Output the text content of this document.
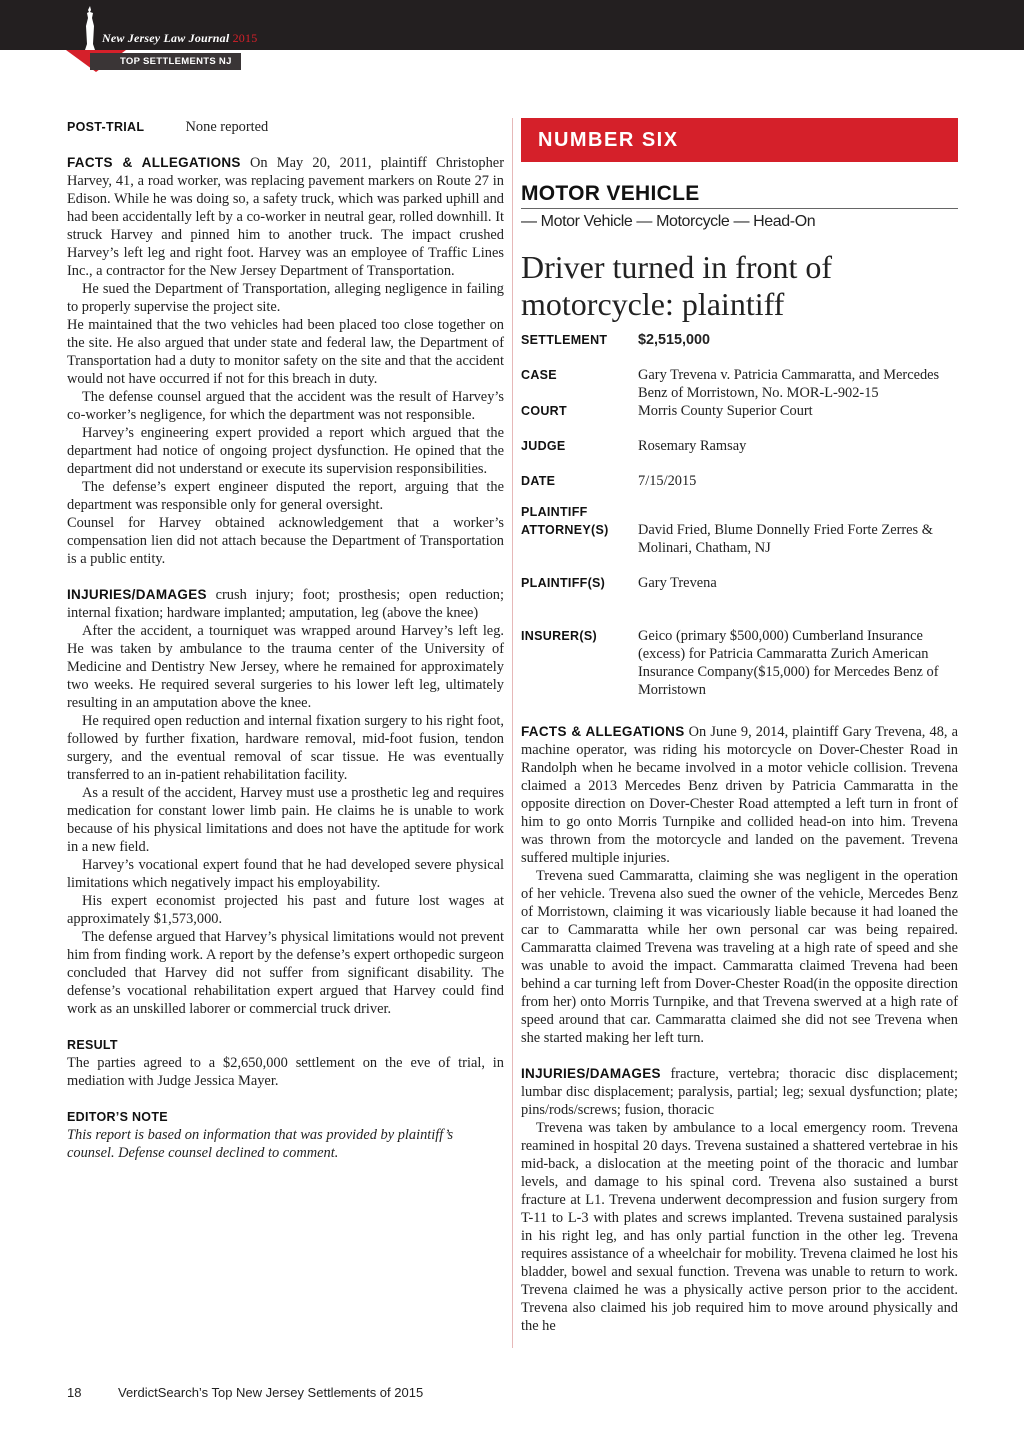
New Jersey Law Journal 2015
TOP SETTLEMENTS NJ
POST-TRIAL	None reported
FACTS & ALLEGATIONS On May 20, 2011, plaintiff Christopher Harvey, 41, a road worker, was replacing pavement markers on Route 27 in Edison. While he was doing so, a safety truck, which was parked uphill and had been accidentally left by a co-worker in neutral gear, rolled downhill. It struck Harvey and pinned him to another truck. The impact crushed Harvey’s left leg and right foot. Harvey was an employee of Traffic Lines Inc., a contractor for the New Jersey Department of Transportation.
He sued the Department of Transportation, alleging negligence in failing to properly supervise the project site.
He maintained that the two vehicles had been placed too close together on the site. He also argued that under state and federal law, the Department of Transportation had a duty to monitor safety on the site and that the accident would not have occurred if not for this breach in duty.
The defense counsel argued that the accident was the result of Harvey’s co-worker’s negligence, for which the department was not responsible.
Harvey’s engineering expert provided a report which argued that the department had notice of ongoing project dysfunction. He opined that the department did not understand or execute its supervision responsibilities.
The defense’s expert engineer disputed the report, arguing that the department was responsible only for general oversight.
Counsel for Harvey obtained acknowledgement that a worker’s compensation lien did not attach because the Department of Transportation is a public entity.
INJURIES/DAMAGES crush injury; foot; prosthesis; open reduction; internal fixation; hardware implanted; amputation, leg (above the knee)
After the accident, a tourniquet was wrapped around Harvey’s left leg. He was taken by ambulance to the trauma center of the University of Medicine and Dentistry New Jersey, where he remained for approximately two weeks. He required several surgeries to his lower left leg, ultimately resulting in an amputation above the knee.
He required open reduction and internal fixation surgery to his right foot, followed by further fixation, hardware removal, mid-foot fusion, tendon surgery, and the eventual removal of scar tissue. He was eventually transferred to an in-patient rehabilitation facility.
As a result of the accident, Harvey must use a prosthetic leg and requires medication for constant lower limb pain. He claims he is unable to work because of his physical limitations and does not have the aptitude for work in a new field.
Harvey’s vocational expert found that he had developed severe physical limitations which negatively impact his employability.
His expert economist projected his past and future lost wages at approximately $1,573,000.
The defense argued that Harvey’s physical limitations would not prevent him from finding work. A report by the defense’s expert orthopedic surgeon concluded that Harvey did not suffer from significant disability. The defense’s vocational rehabilitation expert argued that Harvey could find work as an unskilled laborer or commercial truck driver.
RESULT
The parties agreed to a $2,650,000 settlement on the eve of trial, in mediation with Judge Jessica Mayer.
EDITOR’S NOTE
This report is based on information that was provided by plaintiff’s counsel. Defense counsel declined to comment.
NUMBER SIX
MOTOR VEHICLE
— Motor Vehicle — Motorcycle — Head-On
Driver turned in front of motorcycle: plaintiff
SETTLEMENT	$2,515,000

CASE	Gary Trevena v. Patricia Cammaratta, and Mercedes Benz of Morristown, No. MOR-L-902-15

COURT	Morris County Superior Court

JUDGE	Rosemary Ramsay

DATE	7/15/2015

PLAINTIFF ATTORNEY(S)	David Fried, Blume Donnelly Fried Forte Zerres & Molinari, Chatham, NJ

PLAINTIFF(S)	Gary Trevena

INSURER(S)	Geico (primary $500,000) Cumberland Insurance (excess) for Patricia Cammaratta Zurich American Insurance Company($15,000) for Mercedes Benz of Morristown
FACTS & ALLEGATIONS On June 9, 2014, plaintiff Gary Trevena, 48, a machine operator, was riding his motorcycle on Dover-Chester Road in Randolph when he became involved in a motor vehicle collision. Trevena claimed a 2013 Mercedes Benz driven by Patricia Cammaratta in the opposite direction on Dover-Chester Road attempted a left turn in front of him to go onto Morris Turnpike and collided head-on into him. Trevena was thrown from the motorcycle and landed on the pavement. Trevena suffered multiple injuries.
Trevena sued Cammaratta, claiming she was negligent in the operation of her vehicle. Trevena also sued the owner of the vehicle, Mercedes Benz of Morristown, claiming it was vicariously liable because it had loaned the car to Cammaratta while her own personal car was being repaired. Cammaratta claimed Trevena was traveling at a high rate of speed and she was unable to avoid the impact. Cammaratta claimed Trevena had been behind a car turning left from Dover-Chester Road(in the opposite direction from her) onto Morris Turnpike, and that Trevena swerved at a high rate of speed around that car. Cammaratta claimed she did not see Trevena when she started making her left turn.
INJURIES/DAMAGES fracture, vertebra; thoracic disc displacement; lumbar disc displacement; paralysis, partial; leg; sexual dysfunction; plate; pins/rods/screws; fusion, thoracic
Trevena was taken by ambulance to a local emergency room. Trevena reamined in hospital 20 days. Trevena sustained a shattered vertebrae in his mid-back, a dislocation at the meeting point of the thoracic and lumbar levels, and damage to his spinal cord. Trevena also sustained a burst fracture at L1. Trevena underwent decompression and fusion surgery from T-11 to L-3 with plates and screws implanted. Trevena sustained paralysis in his right leg, and has only partial function in the other leg. Trevena requires assistance of a wheelchair for mobility. Trevena claimed he lost his bladder, bowel and sexual function. Trevena was unable to return to work. Trevena claimed he was a physically active person prior to the accident. Trevena also claimed his job required him to move around physically and the he
18	VerdictSearch’s Top New Jersey Settlements of 2015
